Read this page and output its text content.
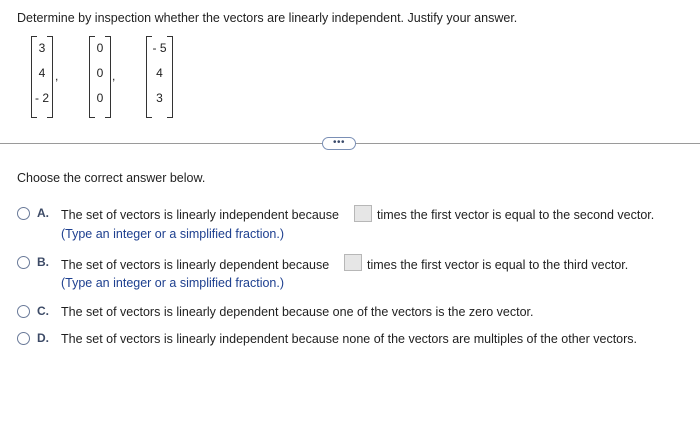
Determine by inspection whether the vectors are linearly independent. Justify your answer.
3
4
- 2
,
0
0
0
,
- 5
4
3
•••
Choose the correct answer below.
A. The set of vectors is linearly independent because	times the first vector is equal to the second vector.
(Type an integer or a simplified fraction.)
B. The set of vectors is linearly dependent because	times the first vector is equal to the third vector.
(Type an integer or a simplified fraction.)
C. The set of vectors is linearly dependent because one of the vectors is the zero vector.
D. The set of vectors is linearly independent because none of the vectors are multiples of the other vectors.
